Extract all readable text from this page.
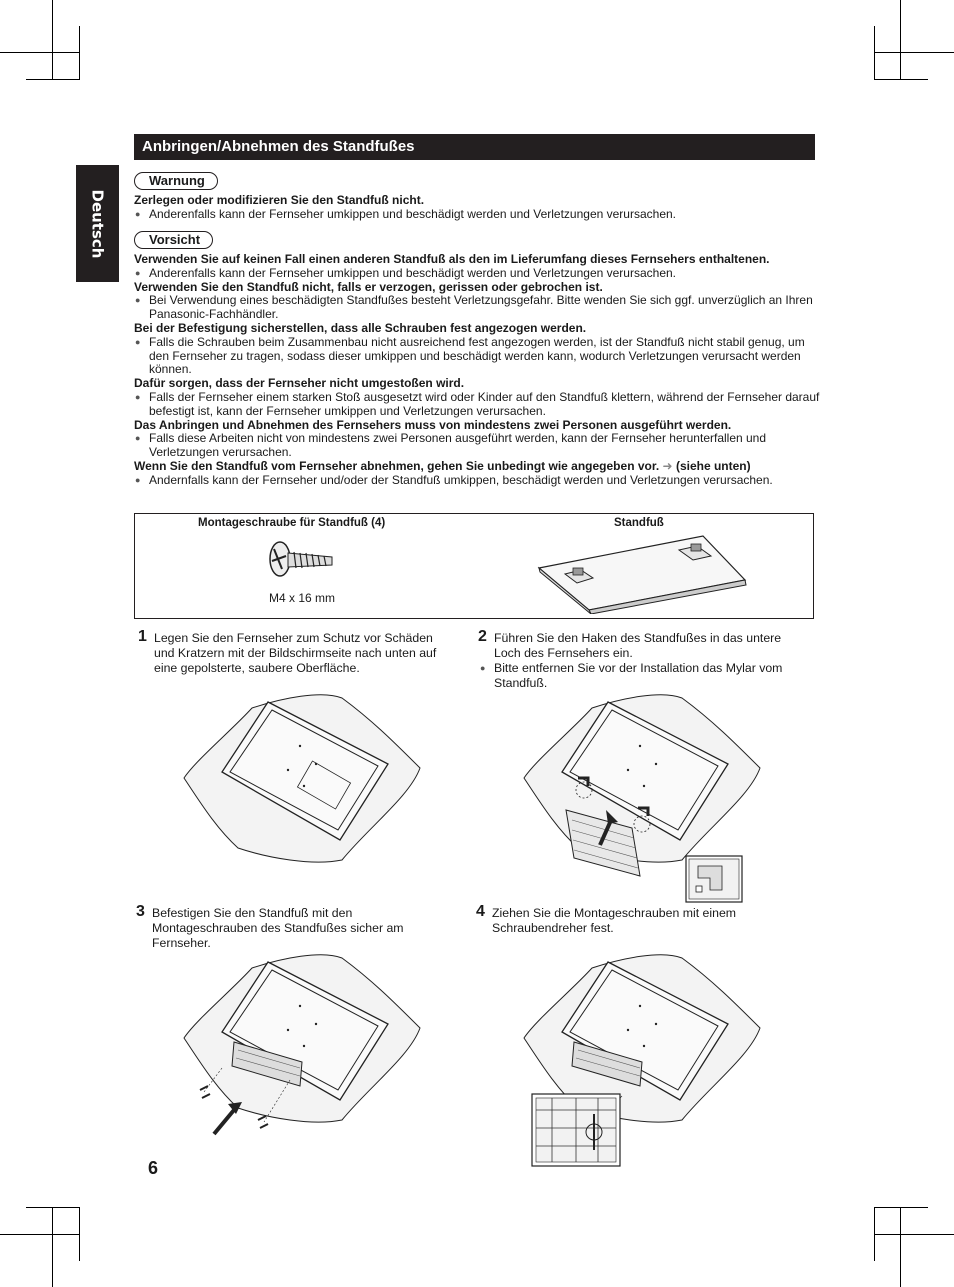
Deutsch
Anbringen/Abnehmen des Standfußes
Warnung

Zerlegen oder modifizieren Sie den Standfuß nicht.

● Anderenfalls kann der Fernseher umkippen und beschädigt werden und Verletzungen verursachen.

Vorsicht

Verwenden Sie auf keinen Fall einen anderen Standfuß als den im Lieferumfang dieses Fernsehers enthaltenen.

● Anderenfalls kann der Fernseher umkippen und beschädigt werden und Verletzungen verursachen.

Verwenden Sie den Standfuß nicht, falls er verzogen, gerissen oder gebrochen ist.

● Bei Verwendung eines beschädigten Standfußes besteht Verletzungsgefahr. Bitte wenden Sie sich ggf. unverzüglich an Ihren Panasonic-Fachhändler.

Bei der Befestigung sicherstellen, dass alle Schrauben fest angezogen werden.

● Falls die Schrauben beim Zusammenbau nicht ausreichend fest angezogen werden, ist der Standfuß nicht stabil genug, um den Fernseher zu tragen, sodass dieser umkippen und beschädigt werden kann, wodurch Verletzungen verursacht werden können.

Dafür sorgen, dass der Fernseher nicht umgestoßen wird.

● Falls der Fernseher einem starken Stoß ausgesetzt wird oder Kinder auf den Standfuß klettern, während der Fernseher darauf befestigt ist, kann der Fernseher umkippen und Verletzungen verursachen.

Das Anbringen und Abnehmen des Fernsehers muss von mindestens zwei Personen ausgeführt werden.

● Falls diese Arbeiten nicht von mindestens zwei Personen ausgeführt werden, kann der Fernseher herunterfallen und Verletzungen verursachen.

Wenn Sie den Standfuß vom Fernseher abnehmen, gehen Sie unbedingt wie angegeben vor. ➜ (siehe unten)

● Andernfalls kann der Fernseher und/oder der Standfuß umkippen, beschädigt werden und Verletzungen verursachen.

Montageschraube für Standfuß (4)	Standfuß
M4 x 16 mm
1 Legen Sie den Fernseher zum Schutz vor Schäden und Kratzern mit der Bildschirmseite nach unten auf eine gepolsterte, saubere Oberfläche.

2 Führen Sie den Haken des Standfußes in das untere Loch des Fernsehers ein.

● Bitte entfernen Sie vor der Installation das Mylar vom Standfuß.

3 Befestigen Sie den Standfuß mit den Montageschrauben des Standfußes sicher am Fernseher.

4 Ziehen Sie die Montageschrauben mit einem Schraubendreher fest.

6
